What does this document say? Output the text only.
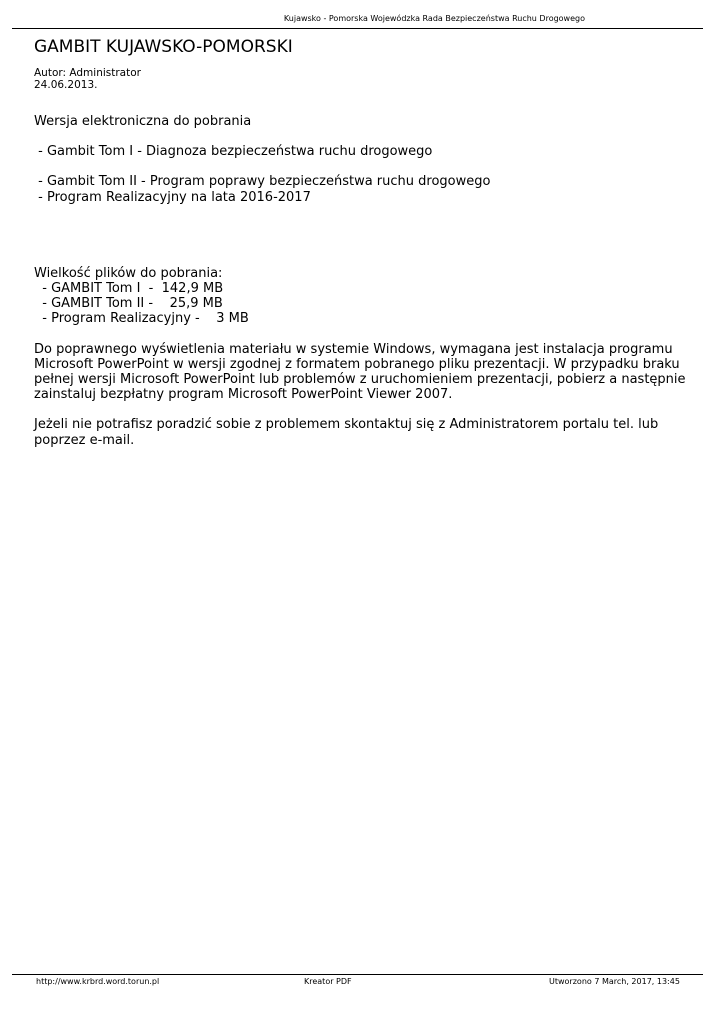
Kujawsko - Pomorska Wojewódzka Rada Bezpieczeństwa Ruchu Drogowego
GAMBIT KUJAWSKO-POMORSKI
Autor: Administrator
24.06.2013.

Wersja elektroniczna do pobrania

- Gambit Tom I - Diagnoza bezpieczeństwa ruchu drogowego

- Gambit Tom II - Program poprawy bezpieczeństwa ruchu drogowego

- Program Realizacyjny na lata 2016-2017

Wielkość plików do pobrania:

- GAMBIT Tom I  -  142,9 MB

- GAMBIT Tom II -    25,9 MB

- Program Realizacyjny -    3 MB

Do poprawnego wyświetlenia materiału w systemie Windows, wymagana jest instalacja programu Microsoft PowerPoint w wersji zgodnej z formatem pobranego pliku prezentacji. W przypadku braku pełnej wersji Microsoft PowerPoint lub problemów z uruchomieniem prezentacji, pobierz a następnie zainstaluj bezpłatny program Microsoft PowerPoint Viewer 2007.

Jeżeli nie potrafisz poradzić sobie z problemem skontaktuj się z Administratorem portalu tel. lub poprzez e-mail.

http://www.krbrd.word.torun.pl	Kreator PDF	Utworzono 7 March, 2017, 13:45
